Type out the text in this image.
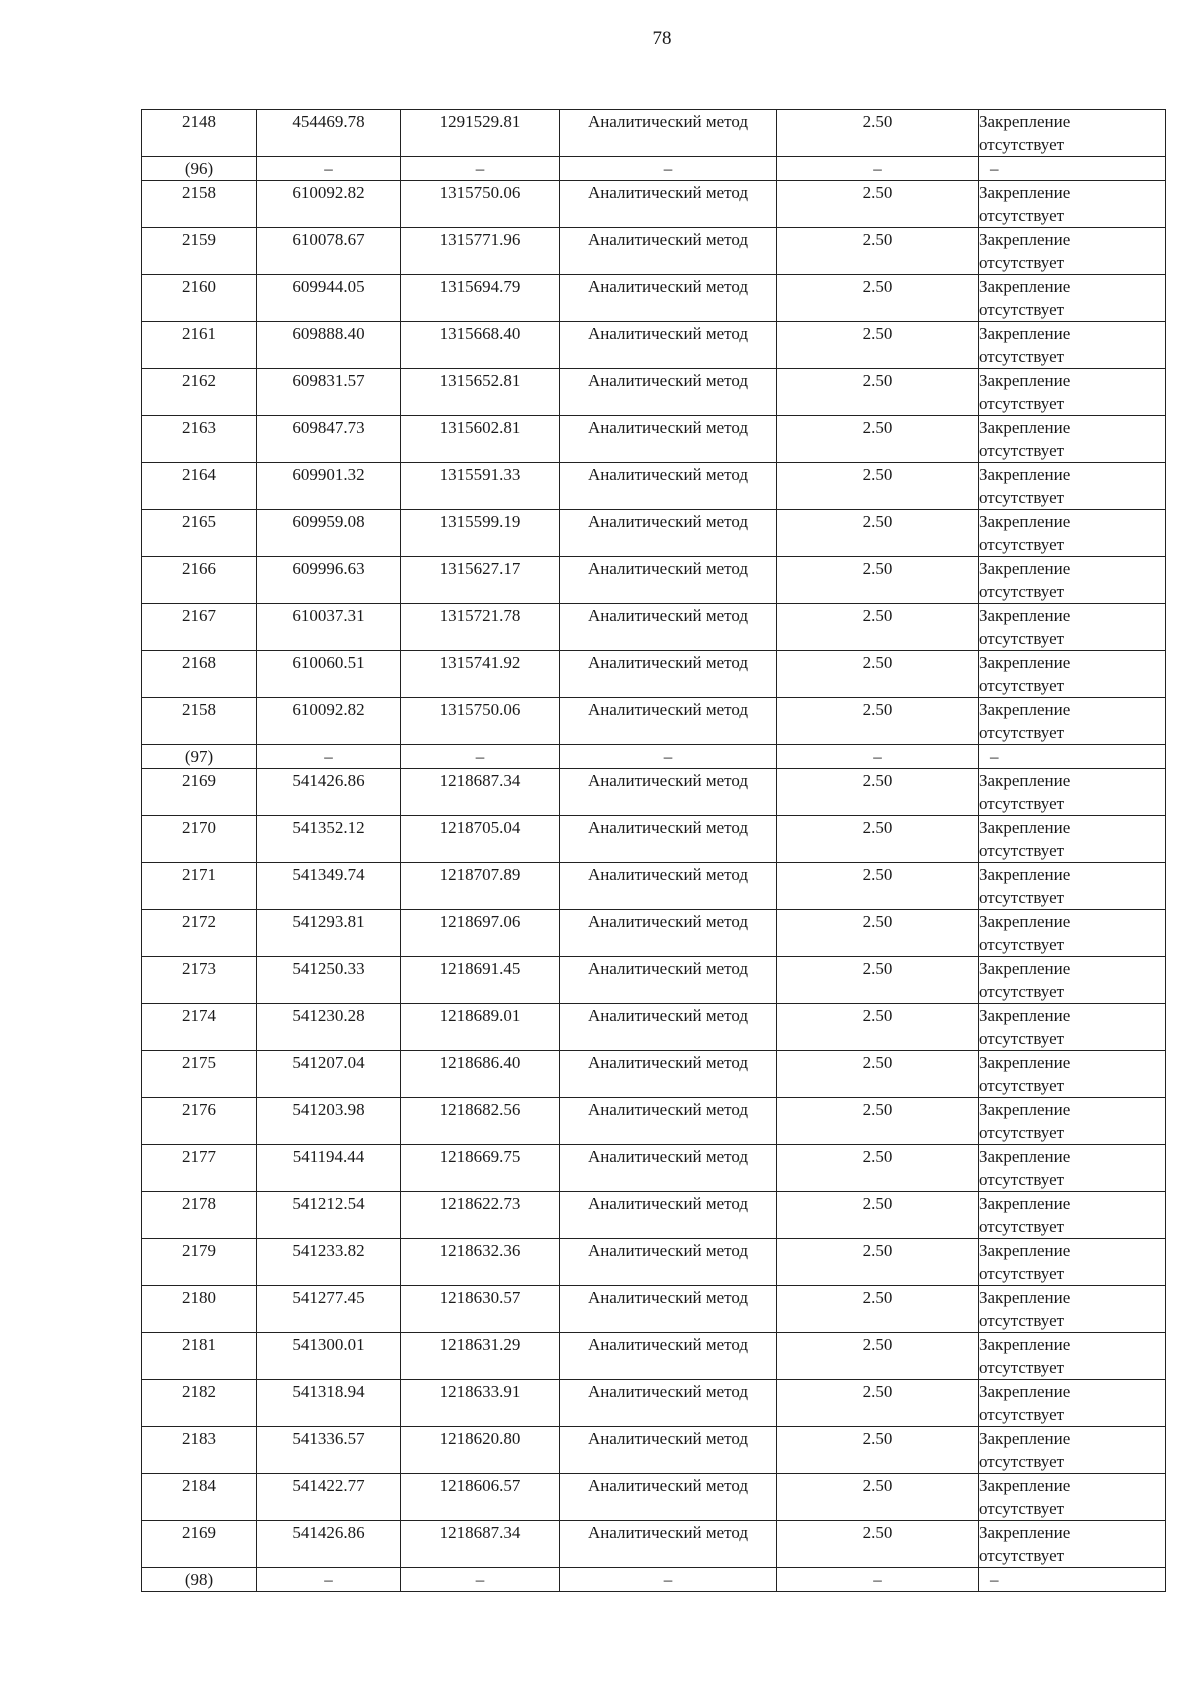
78
2148	454469.78	1291529.81	Аналитический метод	2.50	Закрепление
отсутствует

(96)	–	–	–	–	–

2158	610092.82	1315750.06	Аналитический метод	2.50	Закрепление
отсутствует

2159	610078.67	1315771.96	Аналитический метод	2.50	Закрепление
отсутствует

2160	609944.05	1315694.79	Аналитический метод	2.50	Закрепление
отсутствует

2161	609888.40	1315668.40	Аналитический метод	2.50	Закрепление
отсутствует

2162	609831.57	1315652.81	Аналитический метод	2.50	Закрепление
отсутствует

2163	609847.73	1315602.81	Аналитический метод	2.50	Закрепление
отсутствует

2164	609901.32	1315591.33	Аналитический метод	2.50	Закрепление
отсутствует

2165	609959.08	1315599.19	Аналитический метод	2.50	Закрепление
отсутствует

2166	609996.63	1315627.17	Аналитический метод	2.50	Закрепление
отсутствует

2167	610037.31	1315721.78	Аналитический метод	2.50	Закрепление
отсутствует

2168	610060.51	1315741.92	Аналитический метод	2.50	Закрепление
отсутствует

2158	610092.82	1315750.06	Аналитический метод	2.50	Закрепление
отсутствует

(97)	–	–	–	–	–

2169	541426.86	1218687.34	Аналитический метод	2.50	Закрепление
отсутствует

2170	541352.12	1218705.04	Аналитический метод	2.50	Закрепление
отсутствует

2171	541349.74	1218707.89	Аналитический метод	2.50	Закрепление
отсутствует

2172	541293.81	1218697.06	Аналитический метод	2.50	Закрепление
отсутствует

2173	541250.33	1218691.45	Аналитический метод	2.50	Закрепление
отсутствует

2174	541230.28	1218689.01	Аналитический метод	2.50	Закрепление
отсутствует

2175	541207.04	1218686.40	Аналитический метод	2.50	Закрепление
отсутствует

2176	541203.98	1218682.56	Аналитический метод	2.50	Закрепление
отсутствует

2177	541194.44	1218669.75	Аналитический метод	2.50	Закрепление
отсутствует

2178	541212.54	1218622.73	Аналитический метод	2.50	Закрепление
отсутствует

2179	541233.82	1218632.36	Аналитический метод	2.50	Закрепление
отсутствует

2180	541277.45	1218630.57	Аналитический метод	2.50	Закрепление
отсутствует

2181	541300.01	1218631.29	Аналитический метод	2.50	Закрепление
отсутствует

2182	541318.94	1218633.91	Аналитический метод	2.50	Закрепление
отсутствует

2183	541336.57	1218620.80	Аналитический метод	2.50	Закрепление
отсутствует

2184	541422.77	1218606.57	Аналитический метод	2.50	Закрепление
отсутствует

2169	541426.86	1218687.34	Аналитический метод	2.50	Закрепление
отсутствует

(98)	–	–	–	–	–
